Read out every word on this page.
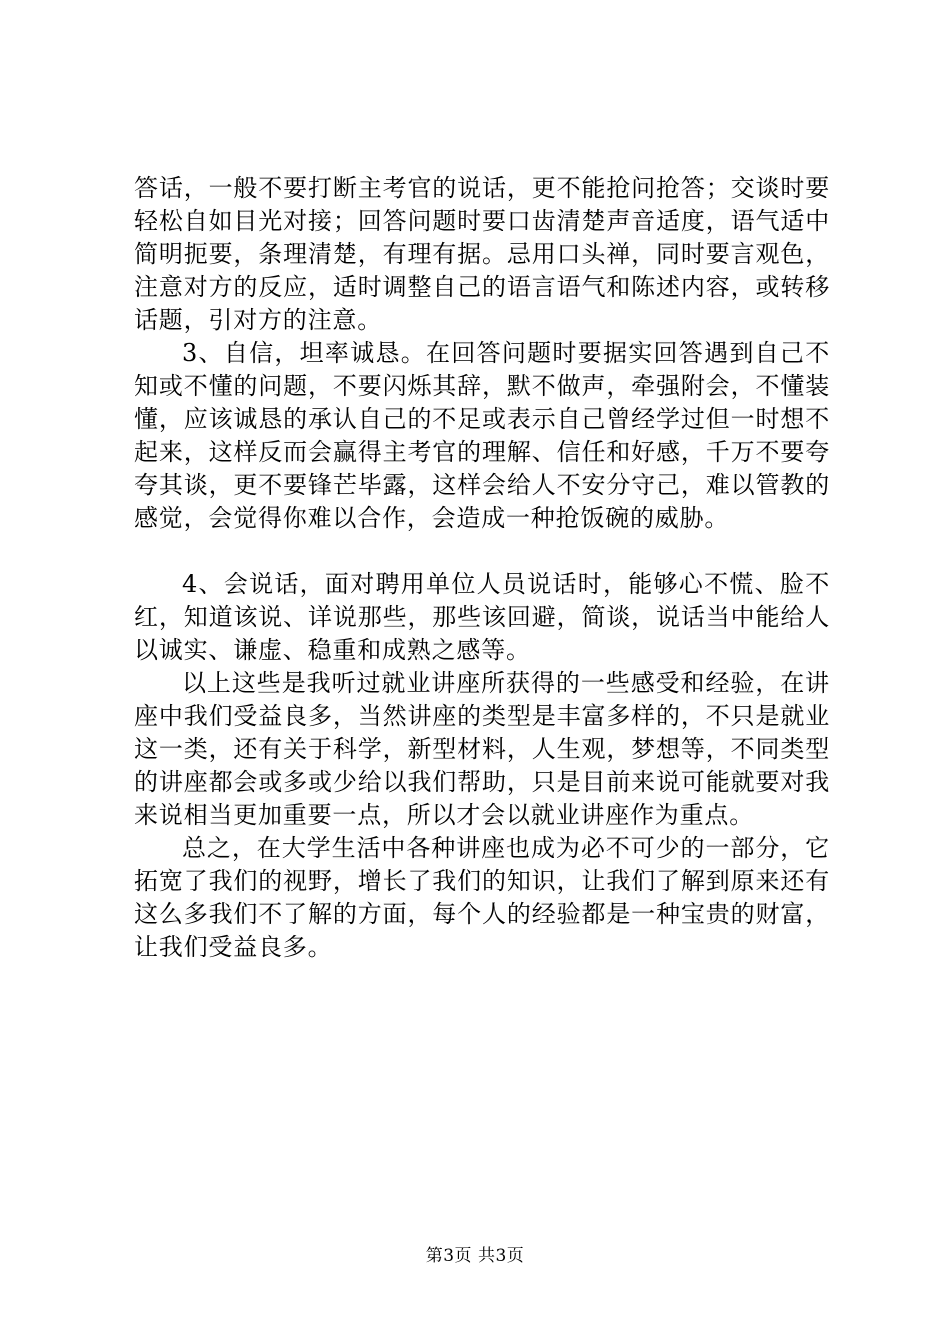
答话，一般不要打断主考官的说话，更不能抢问抢答；交谈时要轻松自如目光对接；回答问题时要口齿清楚声音适度，语气适中简明扼要，条理清楚，有理有据。忌用口头禅，同时要言观色，注意对方的反应，适时调整自己的语言语气和陈述内容，或转移话题，引对方的注意。

3、自信，坦率诚恳。在回答问题时要据实回答遇到自己不知或不懂的问题，不要闪烁其辞，默不做声，牵强附会，不懂装懂，应该诚恳的承认自己的不足或表示自己曾经学过但一时想不起来，这样反而会赢得主考官的理解、信任和好感，千万不要夸夸其谈，更不要锋芒毕露，这样会给人不安分守己，难以管教的感觉，会觉得你难以合作，会造成一种抢饭碗的威胁。

4、会说话，面对聘用单位人员说话时，能够心不慌、脸不红，知道该说、详说那些，那些该回避，简谈，说话当中能给人以诚实、谦虚、稳重和成熟之感等。

以上这些是我听过就业讲座所获得的一些感受和经验，在讲座中我们受益良多，当然讲座的类型是丰富多样的，不只是就业这一类，还有关于科学，新型材料，人生观，梦想等，不同类型的讲座都会或多或少给以我们帮助，只是目前来说可能就要对我来说相当更加重要一点，所以才会以就业讲座作为重点。

总之，在大学生活中各种讲座也成为必不可少的一部分，它拓宽了我们的视野，增长了我们的知识，让我们了解到原来还有这么多我们不了解的方面，每个人的经验都是一种宝贵的财富，让我们受益良多。

第3页 共3页
